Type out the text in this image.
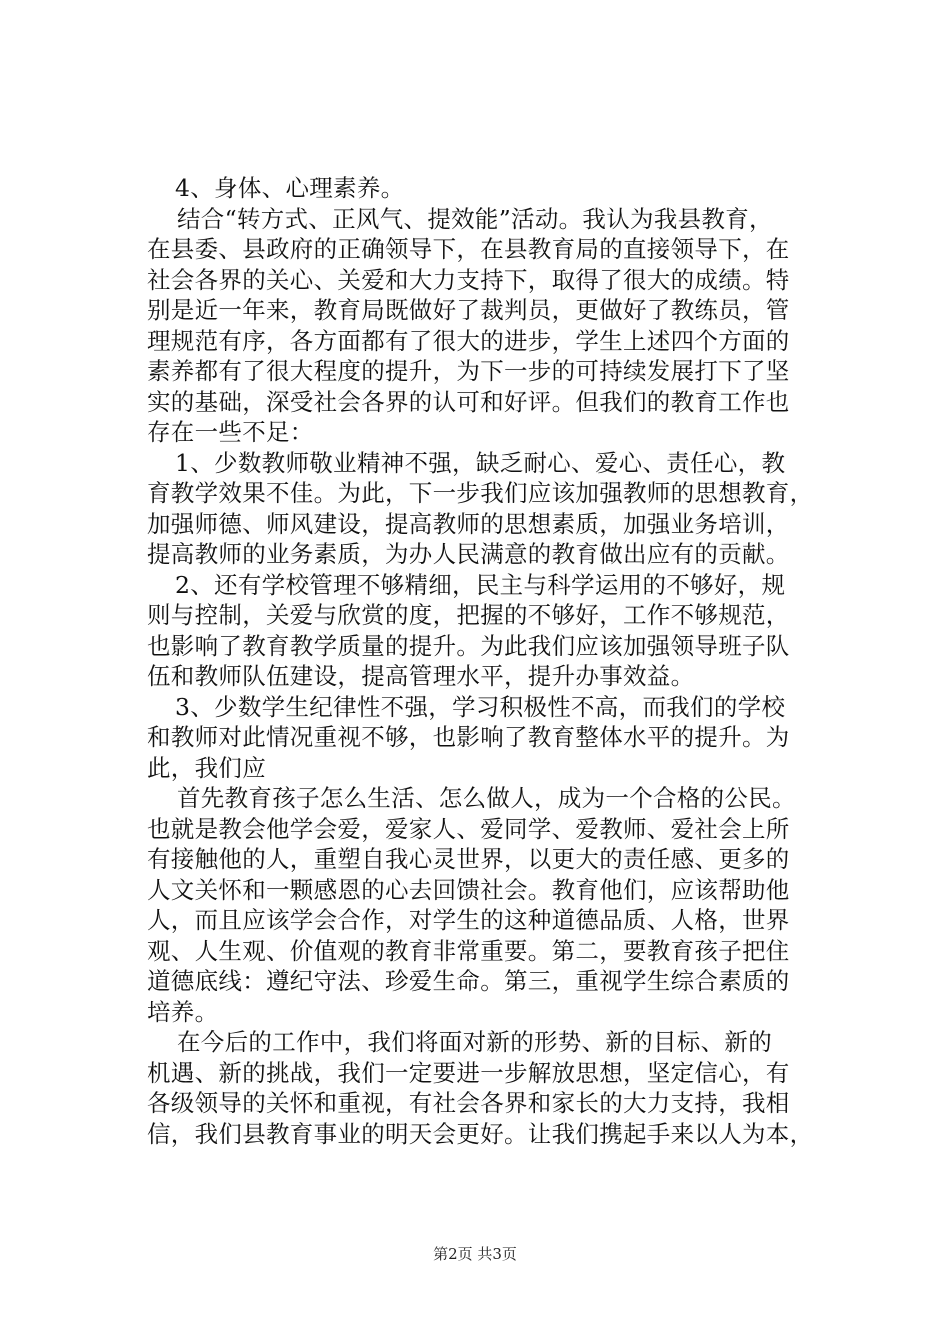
4、身体、心理素养。
结合“转方式、正风气、提效能”活动。我认为我县教育，
在县委、县政府的正确领导下，在县教育局的直接领导下，在
社会各界的关心、关爱和大力支持下，取得了很大的成绩。特
别是近一年来，教育局既做好了裁判员，更做好了教练员，管
理规范有序，各方面都有了很大的进步，学生上述四个方面的
素养都有了很大程度的提升，为下一步的可持续发展打下了坚
实的基础，深受社会各界的认可和好评。但我们的教育工作也
存在一些不足：
1、少数教师敬业精神不强，缺乏耐心、爱心、责任心，教
育教学效果不佳。为此，下一步我们应该加强教师的思想教育，
加强师德、师风建设，提高教师的思想素质，加强业务培训，
提高教师的业务素质，为办人民满意的教育做出应有的贡献。
2、还有学校管理不够精细，民主与科学运用的不够好，规
则与控制，关爱与欣赏的度，把握的不够好，工作不够规范，
也影响了教育教学质量的提升。为此我们应该加强领导班子队
伍和教师队伍建设，提高管理水平，提升办事效益。
3、少数学生纪律性不强，学习积极性不高，而我们的学校
和教师对此情况重视不够，也影响了教育整体水平的提升。为
此，我们应
首先教育孩子怎么生活、怎么做人，成为一个合格的公民。
也就是教会他学会爱，爱家人、爱同学、爱教师、爱社会上所
有接触他的人，重塑自我心灵世界，以更大的责任感、更多的
人文关怀和一颗感恩的心去回馈社会。教育他们，应该帮助他
人，而且应该学会合作，对学生的这种道德品质、人格，世界
观、人生观、价值观的教育非常重要。第二，要教育孩子把住
道德底线：遵纪守法、珍爱生命。第三，重视学生综合素质的
培养。
在今后的工作中，我们将面对新的形势、新的目标、新的
机遇、新的挑战，我们一定要进一步解放思想，坚定信心，有
各级领导的关怀和重视，有社会各界和家长的大力支持，我相
信，我们县教育事业的明天会更好。让我们携起手来以人为本，
第2页 共3页
